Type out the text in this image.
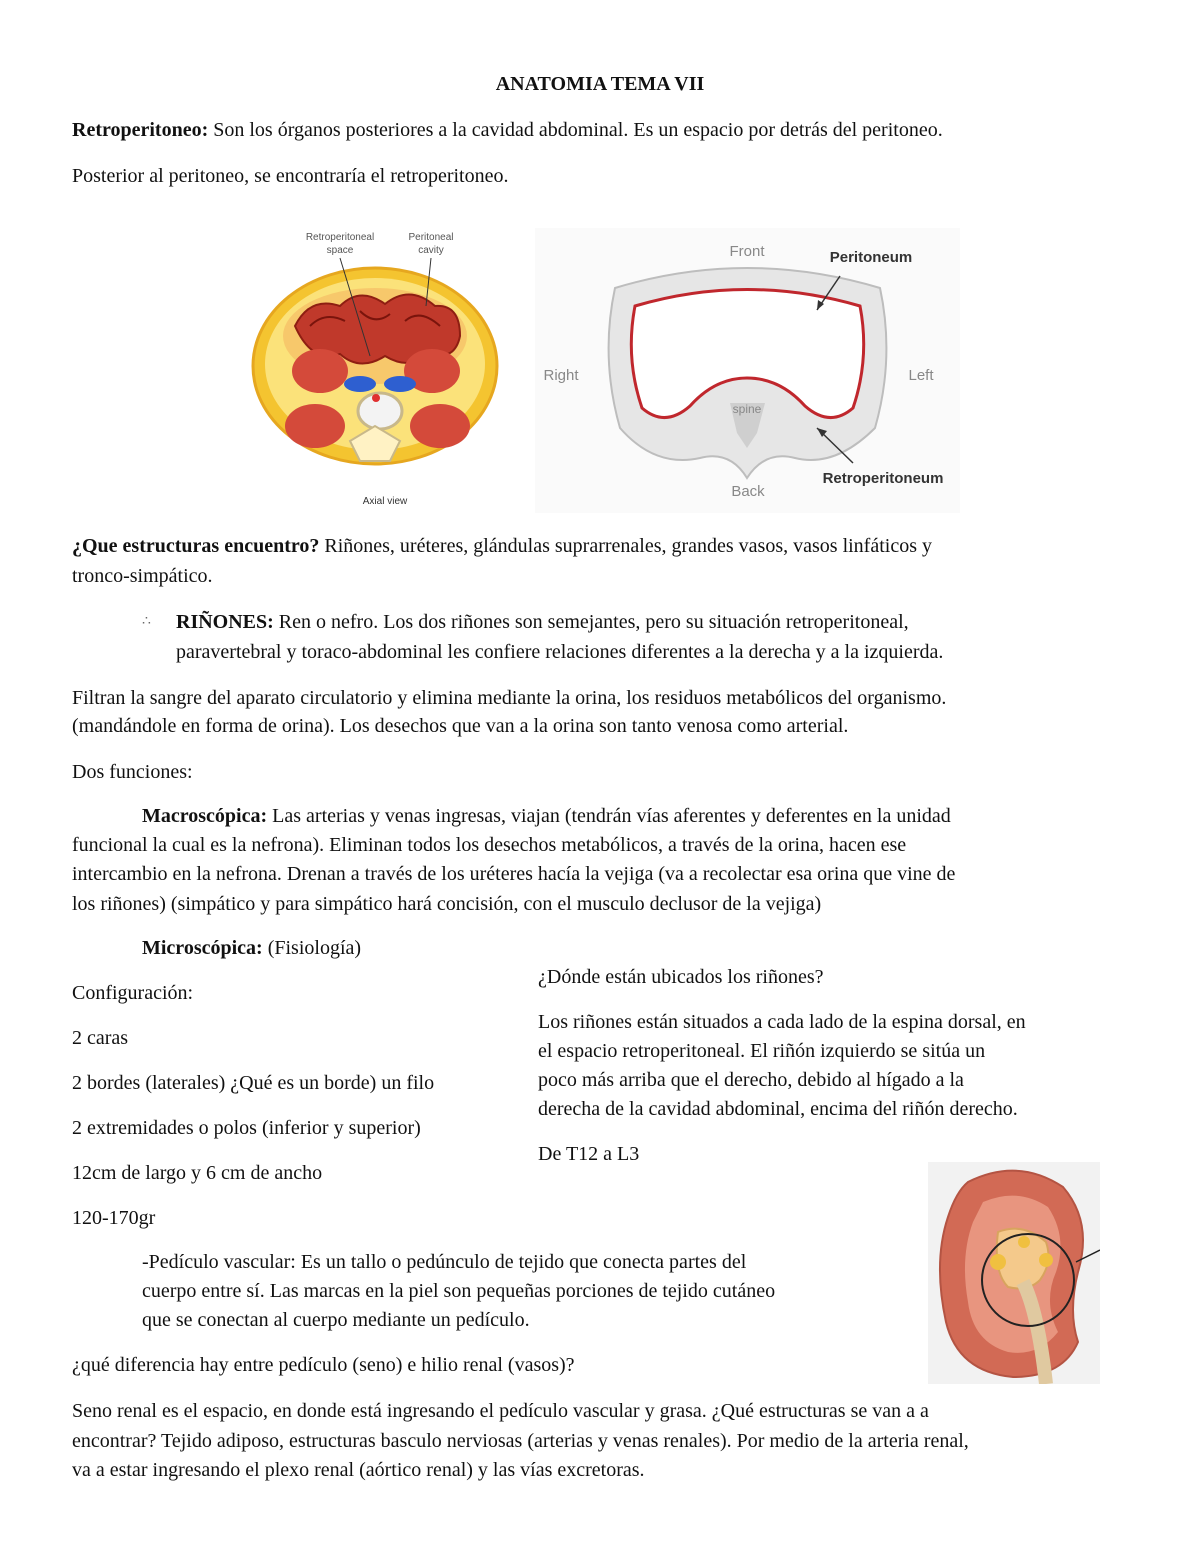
ANATOMIA TEMA VII
Retroperitoneo: Son los órganos posteriores a la cavidad abdominal. Es un espacio por detrás del peritoneo.
Posterior al peritoneo, se encontraría el retroperitoneo.
Retroperitoneal
space
Peritoneal
cavity
Axial view
spine
Front
Back
Right	Left
Peritoneum
Retroperitoneum
¿Que estructuras encuentro? Riñones, uréteres, glándulas suprarrenales, grandes vasos, vasos linfáticos y
tronco-simpático.
∴ RIÑONES: Ren o nefro. Los dos riñones son semejantes, pero su situación retroperitoneal,
paravertebral y toraco-abdominal les confiere relaciones diferentes a la derecha y a la izquierda.
Filtran la sangre del aparato circulatorio y elimina mediante la orina, los residuos metabólicos del organismo.
(mandándole en forma de orina). Los desechos que van a la orina son tanto venosa como arterial.
Dos funciones:
Macroscópica: Las arterias y venas ingresas, viajan (tendrán vías aferentes y deferentes en la unidad
funcional la cual es la nefrona). Eliminan todos los desechos metabólicos, a través de la orina, hacen ese
intercambio en la nefrona. Drenan a través de los uréteres hacía la vejiga (va a recolectar esa orina que vine de
los riñones) (simpático y para simpático hará concisión, con el musculo declusor de la vejiga)
Microscópica: (Fisiología)
Configuración:
2 caras
2 bordes (laterales) ¿Qué es un borde) un filo
2 extremidades o polos (inferior y superior)
12cm de largo y 6 cm de ancho
120-170gr
¿Dónde están ubicados los riñones?
Los riñones están situados a cada lado de la espina dorsal, en
el espacio retroperitoneal. El riñón izquierdo se sitúa un
poco más arriba que el derecho, debido al hígado a la
derecha de la cavidad abdominal, encima del riñón derecho.
De T12 a L3
-Pedículo vascular: Es un tallo o pedúnculo de tejido que conecta partes del
cuerpo entre sí. Las marcas en la piel son pequeñas porciones de tejido cutáneo
que se conectan al cuerpo mediante un pedículo.
¿qué diferencia hay entre pedículo (seno) e hilio renal (vasos)?
Seno renal es el espacio, en donde está ingresando el pedículo vascular y grasa. ¿Qué estructuras se van a a
encontrar? Tejido adiposo, estructuras basculo nerviosas (arterias y venas renales). Por medio de la arteria renal,
va a estar ingresando el plexo renal (aórtico renal) y las vías excretoras.
